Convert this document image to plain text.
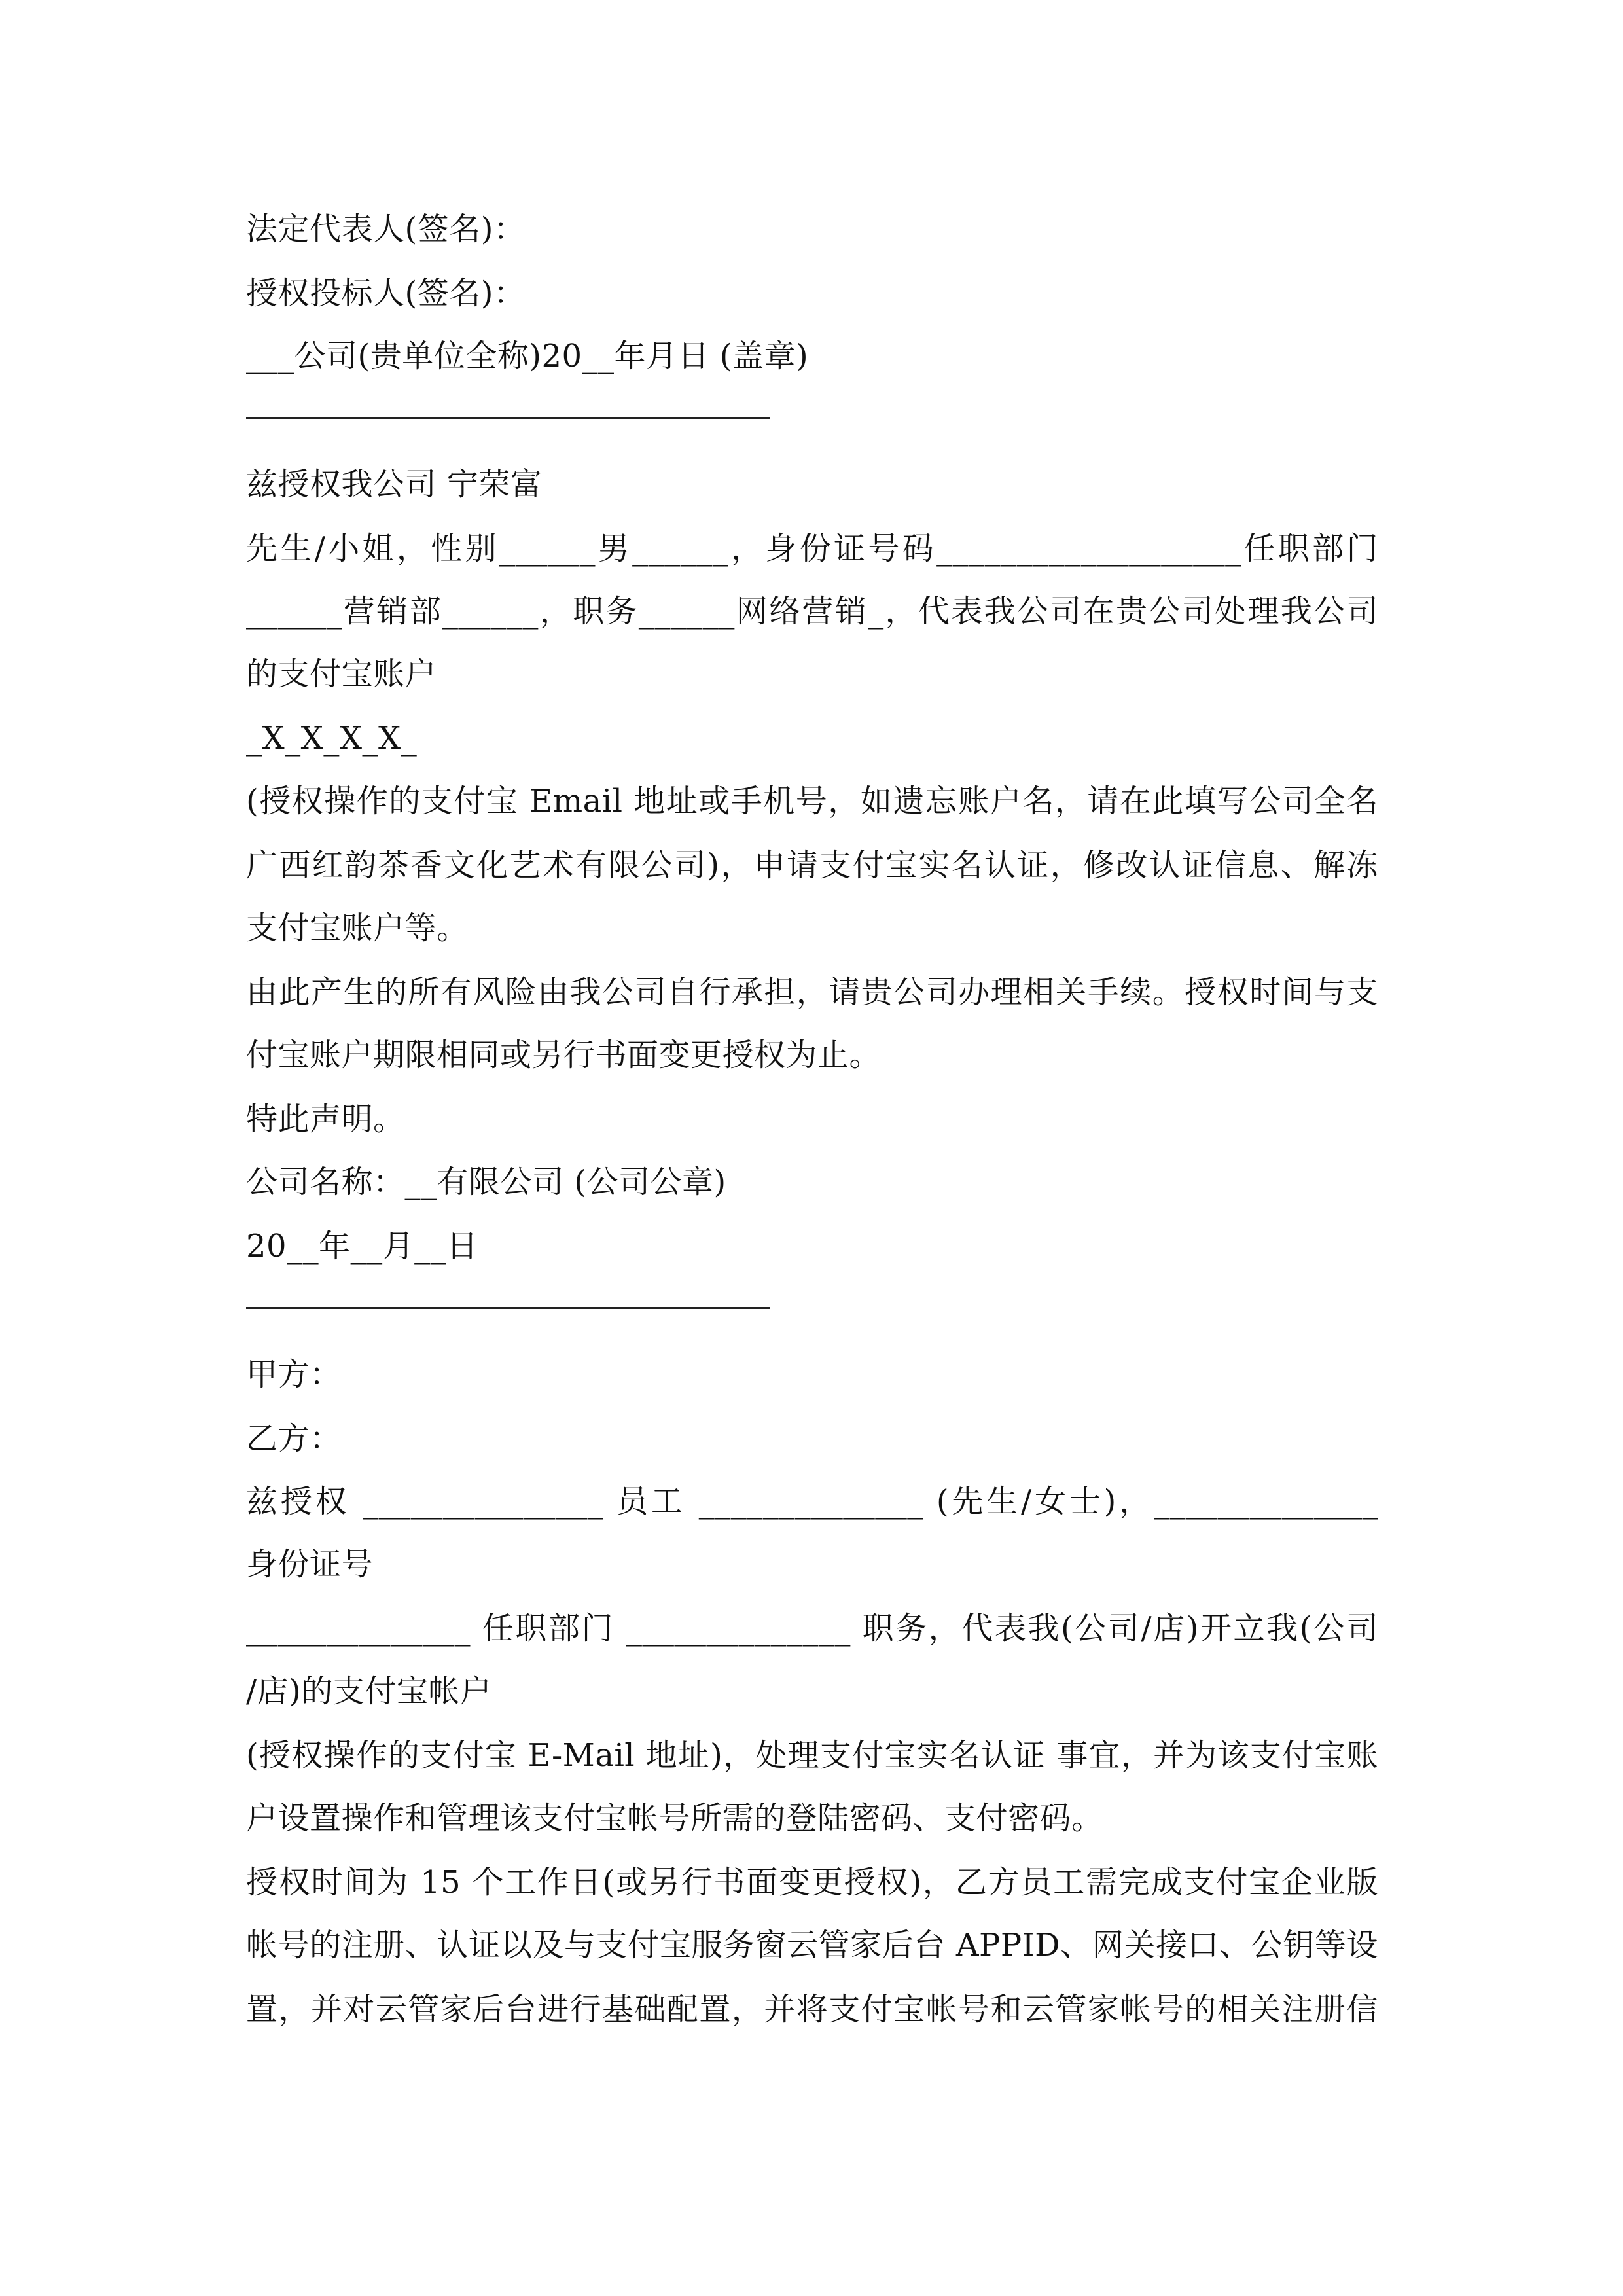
法定代表人(签名)：
授权投标人(签名)：
___公司(贵单位全称)20__年月日 (盖章)
兹授权我公司 宁荣富
先生/小姐，性别______男______，身份证号码___________________任职部门
______营销部______，职务______网络营销_，代表我公司在贵公司处理我公司
的支付宝账户
_X_X_X_X_
(授权操作的支付宝 Email 地址或手机号，如遗忘账户名，请在此填写公司全名
广西红韵茶香文化艺术有限公司)，申请支付宝实名认证，修改认证信息、解冻
支付宝账户等。
由此产生的所有风险由我公司自行承担，请贵公司办理相关手续。授权时间与支
付宝账户期限相同或另行书面变更授权为止。
特此声明。
公司名称：__有限公司 (公司公章)
20__年__月__日
甲方：
乙方：
兹授权 _______________ 员工 ______________ (先生/女士)，______________
身份证号
______________ 任职部门 ______________ 职务，代表我(公司/店)开立我(公司
/店)的支付宝帐户
(授权操作的支付宝 E-Mail 地址)，处理支付宝实名认证 事宜，并为该支付宝账
户设置操作和管理该支付宝帐号所需的登陆密码、支付密码。
授权时间为 15 个工作日(或另行书面变更授权)，乙方员工需完成支付宝企业版
帐号的注册、认证以及与支付宝服务窗云管家后台 APPID、网关接口、公钥等设
置，并对云管家后台进行基础配置，并将支付宝帐号和云管家帐号的相关注册信
